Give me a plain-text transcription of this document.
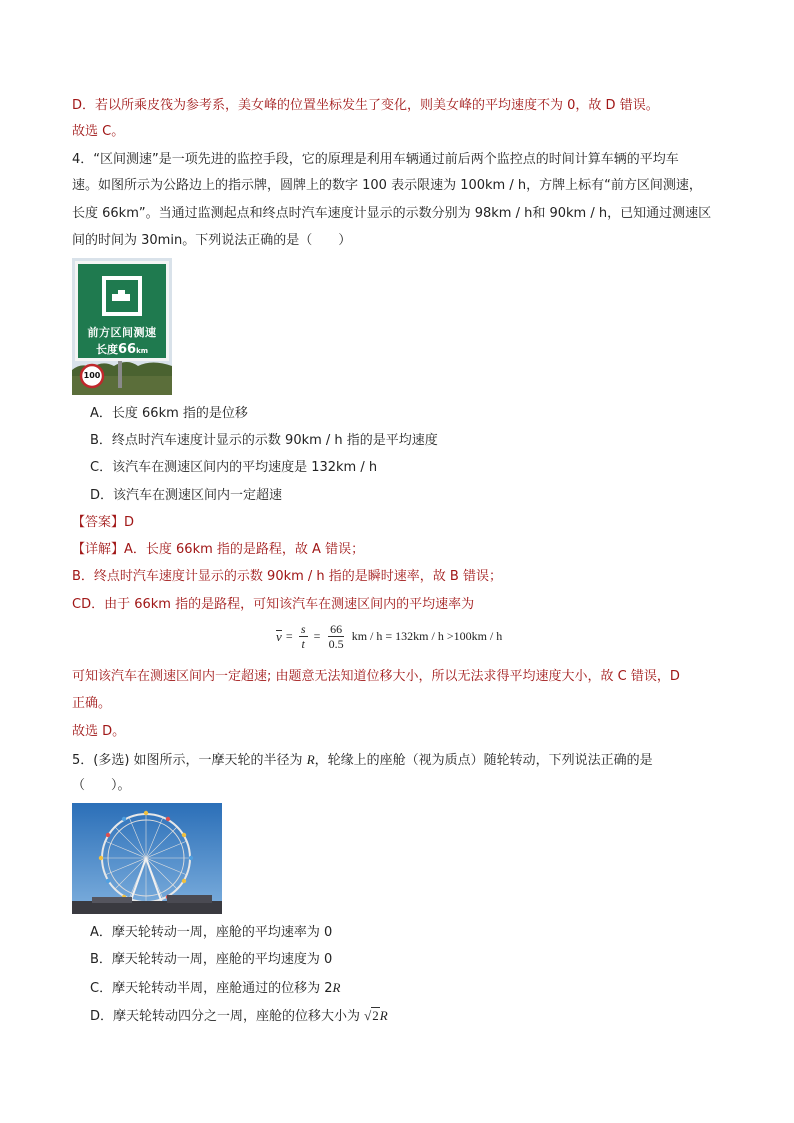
D．若以所乘皮筏为参考系，美女峰的位置坐标发生了变化，则美女峰的平均速度不为 0，故 D 错误。
故选 C。
4．“区间测速”是一项先进的监控手段，它的原理是利用车辆通过前后两个监控点的时间计算车辆的平均车
速。如图所示为公路边上的指示牌，圆牌上的数字 100 表示限速为 100km / h，方牌上标有“前方区间测速，
长度 66km”。当通过监测起点和终点时汽车速度计显示的示数分别为 98km / h和 90km / h，已知通过测速区
间的时间为 30min。下列说法正确的是（　　）
前方区间测速
长度66km
100
A．长度 66km 指的是位移
B．终点时汽车速度计显示的示数 90km / h 指的是平均速度
C．该汽车在测速区间内的平均速度是 132km / h
D．该汽车在测速区间内一定超速
【答案】D
【详解】A．长度 66km 指的是路程，故 A 错误；
B．终点时汽车速度计显示的示数 90km / h 指的是瞬时速率，故 B 错误；
CD．由于 66km 指的是路程，可知该汽车在测速区间内的平均速率为
$v = \frac{s}{t} = \frac{66}{0.5}$ km / h = 132km / h >100km / h
可知该汽车在测速区间内一定超速; 由题意无法知道位移大小，所以无法求得平均速度大小，故 C 错误，D
正确。
故选 D。
5．(多选) 如图所示，一摩天轮的半径为 R，轮缘上的座舱（视为质点）随轮转动，下列说法正确的是
（　　）。
A．摩天轮转动一周，座舱的平均速率为 0
B．摩天轮转动一周，座舱的平均速度为 0
C．摩天轮转动半周，座舱通过的位移为 2R
D．摩天轮转动四分之一周，座舱的位移大小为 √2R
